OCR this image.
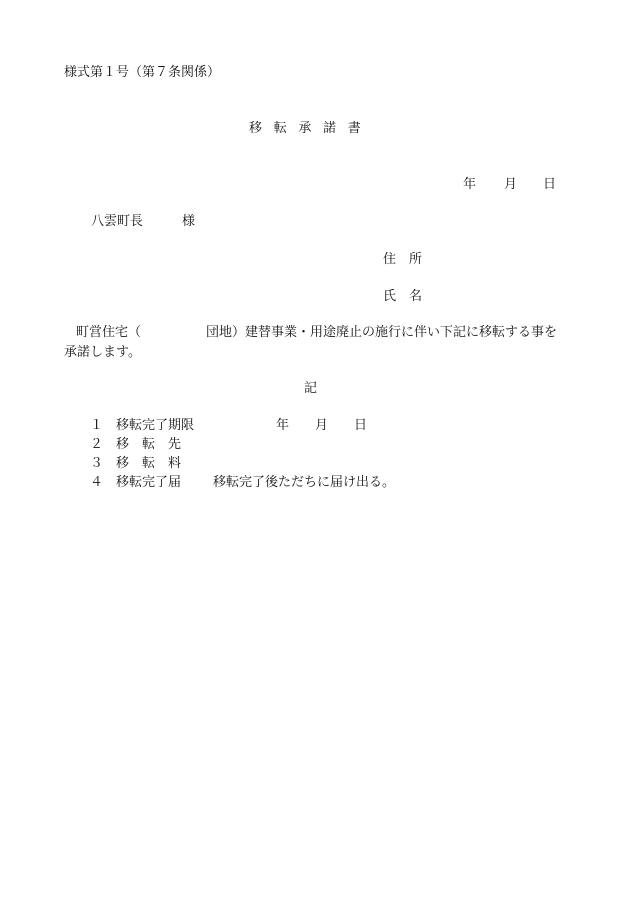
様式第１号（第７条関係）
移転承諾書
年 月 日
八雲町長	様
住　所
氏　名
町営住宅（　　　　　団地）建替事業・用途廃止の施行に伴い下記に移転する事を承諾します。
記
１ 移転完了期限	年　　月　　日
２ 移　転　先
３ 移　転　料
４ 移転完了届 移転完了後ただちに届け出る。
